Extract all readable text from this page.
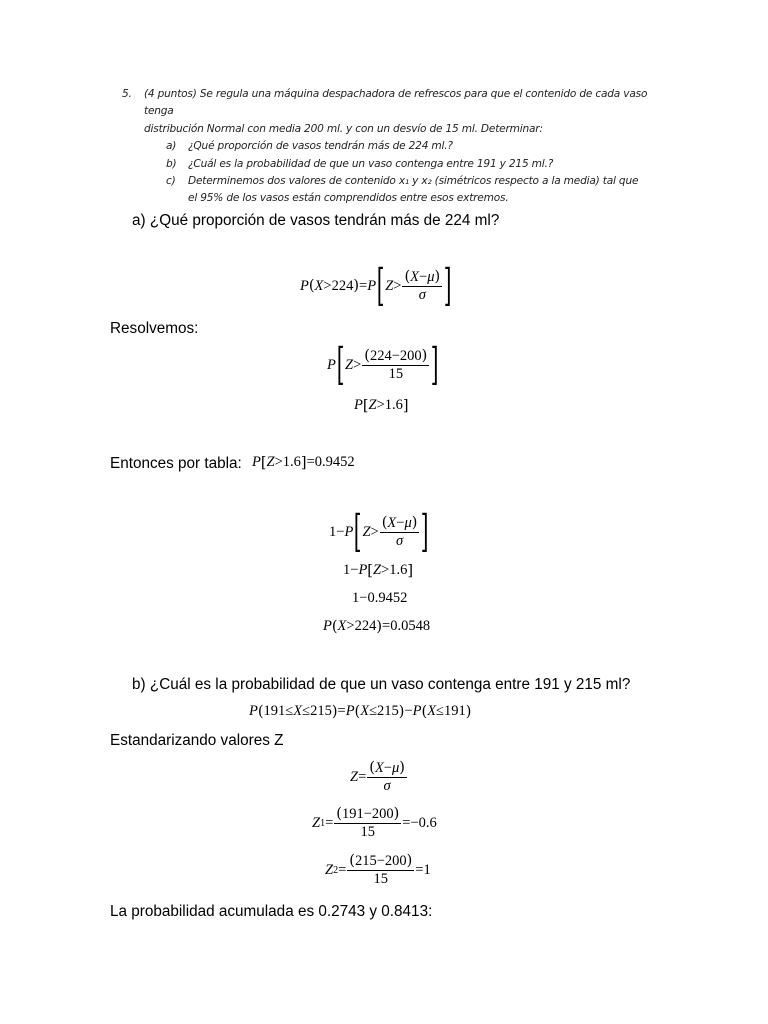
5. (4 puntos) Se regula una máquina despachadora de refrescos para que el contenido de cada vaso
tenga
distribución Normal con media 200 ml. y con un desvío de 15 ml. Determinar:
a)	¿Qué proporción de vasos tendrán más de 224 ml.?
b)	¿Cuál es la probabilidad de que un vaso contenga entre 191 y 215 ml.?
c)	Determinemos dos valores de contenido x₁ y x₂ (simétricos respecto a la media) tal que
el 95% de los vasos están comprendidos entre esos extremos.
a) ¿Qué proporción de vasos tendrán más de 224 ml?
P ( X > 224 ) = P [ $Z > \frac{(X-\mu)}{\sigma}$ ]
Resolvemos:
P [ $Z > \frac{(224-200)}{15}$ ]
P [ Z > 1.6 ]
Entonces por tabla: P [ Z > 1.6 ] = 0.9452
1− P [ $Z > \frac{(X-\mu)}{\sigma}$ ]
1− P [ Z > 1.6 ]
1− 0.9452
P ( X > 224 ) = 0.0548
b) ¿Cuál es la probabilidad de que un vaso contenga entre 191 y 215 ml?
P ( 191 ≤ X ≤ 215 ) = P ( X ≤ 215 ) − P ( X ≤ 191 )
Estandarizando valores Z
$Z = \frac{(X-\mu)}{\sigma}$
Z $1 = \frac{(191-200)}{15} = -0.6$
Z $2 = \frac{(215-200)}{15} = 1$
La probabilidad acumulada es 0.2743 y 0.8413:
